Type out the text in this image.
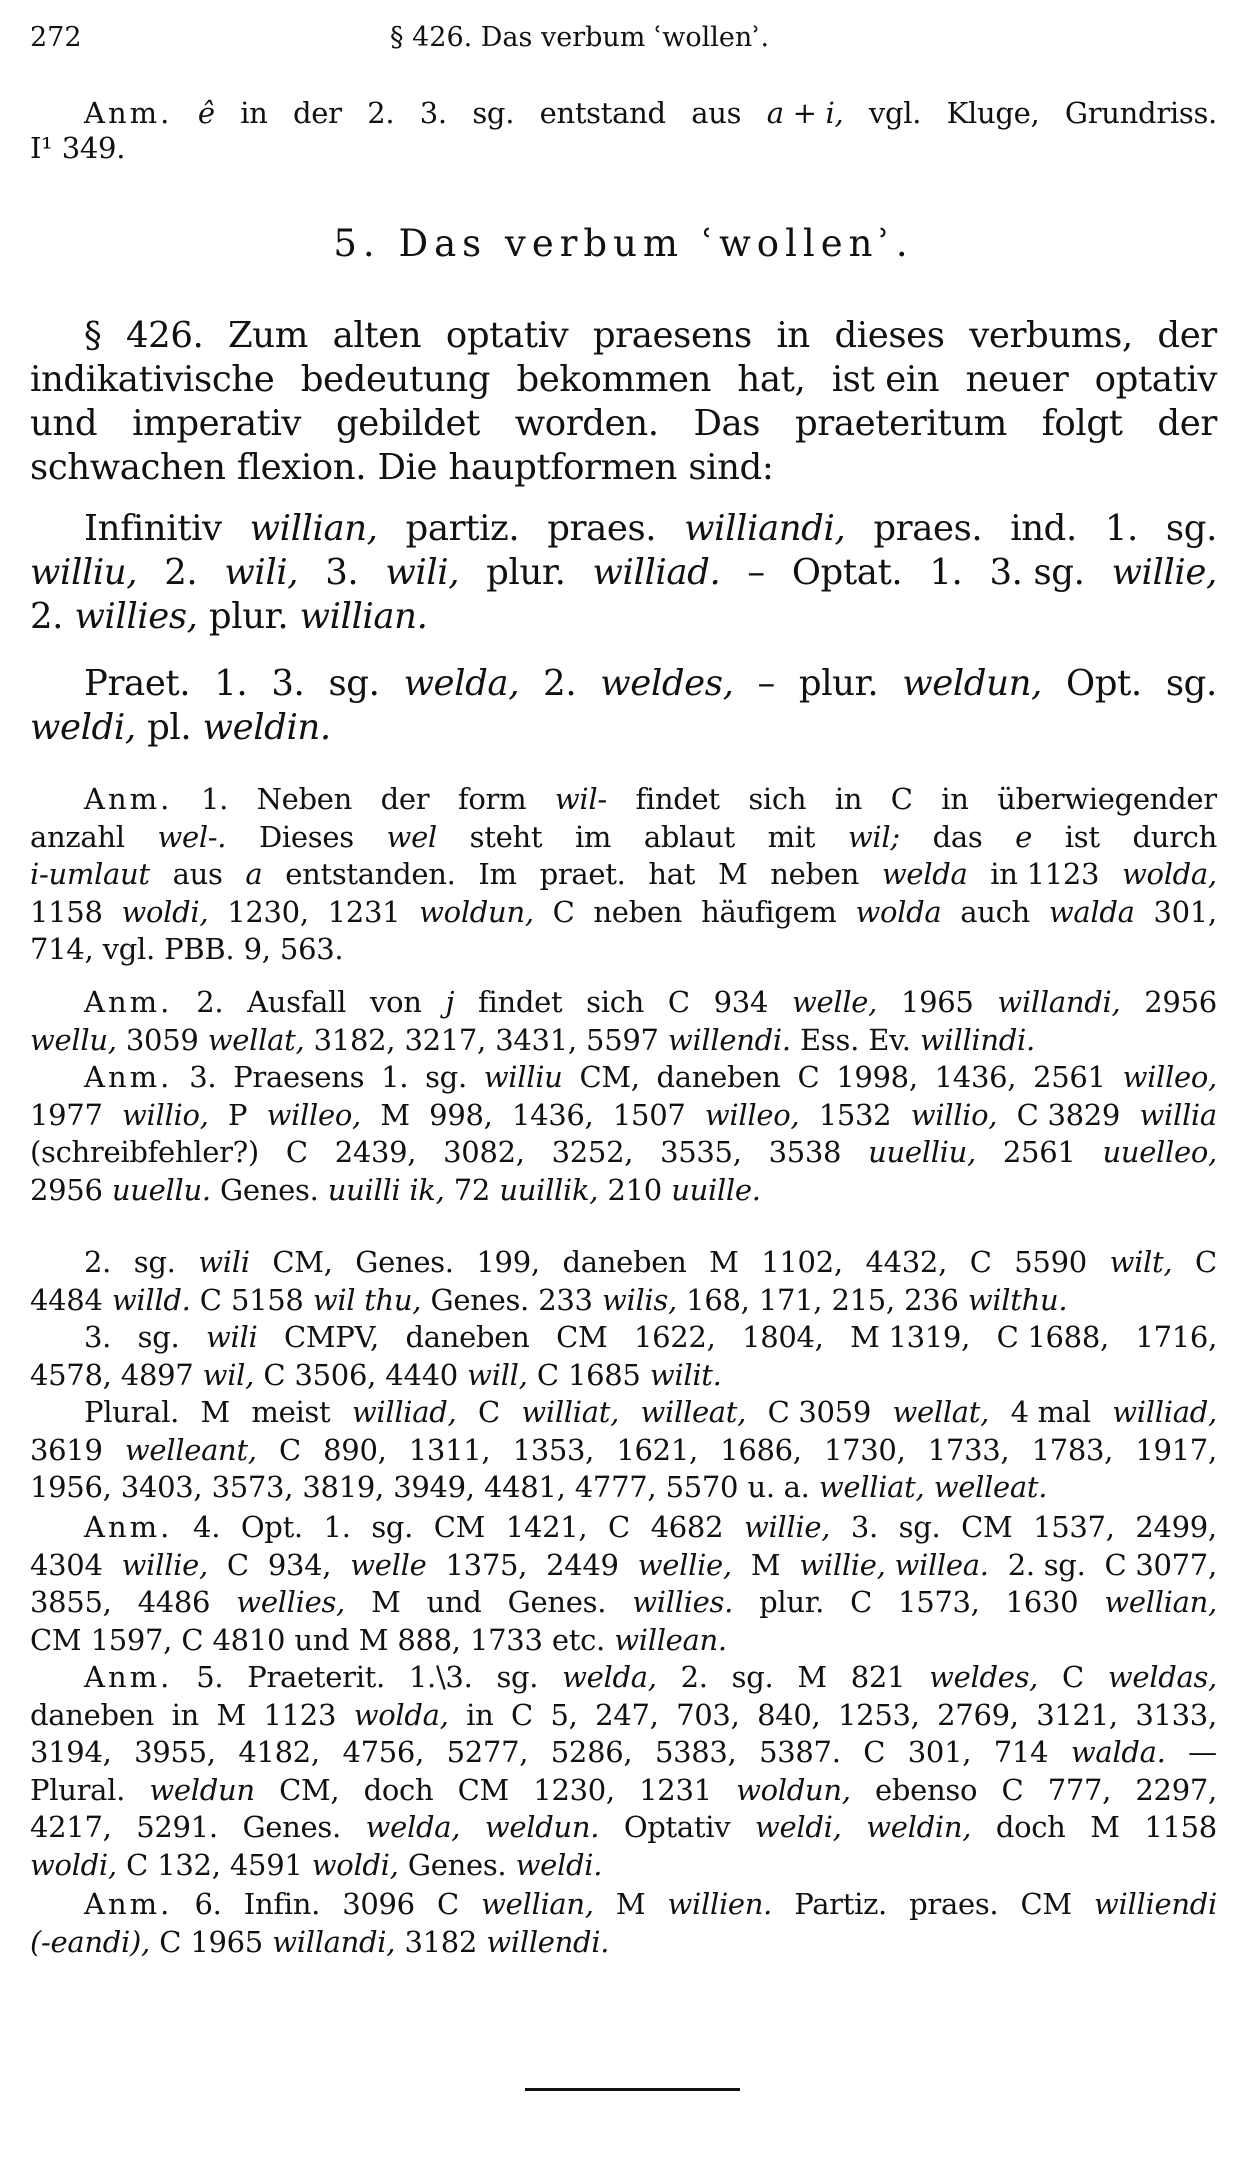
272	§ 426. Das verbum ʿwollenʾ.
Anm. ê in der 2. 3. sg. entstand aus a + i, vgl. Kluge, Grundriss.
I¹ 349.
5. Das verbum ʿwollenʾ.
§ 426. Zum alten optativ praesens in dieses verbums, der
indikativische bedeutung bekommen hat, ist ein neuer optativ
und imperativ gebildet worden. Das praeteritum folgt der
schwachen flexion. Die hauptformen sind:
Infinitiv willian, partiz. praes. williandi, praes. ind. 1. sg.
williu, 2. wili, 3. wili, plur. williad. – Optat. 1. 3. sg. willie,
2. willies, plur. willian.
Praet. 1. 3. sg. welda, 2. weldes, – plur. weldun, Opt. sg.
weldi, pl. weldin.
Anm. 1. Neben der form wil- findet sich in C in überwiegender
anzahl wel-. Dieses wel steht im ablaut mit wil; das e ist durch
i-umlaut aus a entstanden. Im praet. hat M neben welda in 1123 wolda,
1158 woldi, 1230, 1231 woldun, C neben häufigem wolda auch walda 301,
714, vgl. PBB. 9, 563.
Anm. 2. Ausfall von j findet sich C 934 welle, 1965 willandi, 2956
wellu, 3059 wellat, 3182, 3217, 3431, 5597 willendi. Ess. Ev. willindi.
Anm. 3. Praesens 1. sg. williu CM, daneben C 1998, 1436, 2561 willeo,
1977 willio, P willeo, M 998, 1436, 1507 willeo, 1532 willio, C 3829 willia
(schreibfehler?) C 2439, 3082, 3252, 3535, 3538 uuelliu, 2561 uuelleo,
2956 uuellu. Genes. uuilli ik, 72 uuillik, 210 uuille.
2. sg. wili CM, Genes. 199, daneben M 1102, 4432, C 5590 wilt, C
4484 willd. C 5158 wil thu, Genes. 233 wilis, 168, 171, 215, 236 wilthu.
3. sg. wili CMPV, daneben CM 1622, 1804, M 1319, C 1688, 1716,
4578, 4897 wil, C 3506, 4440 will, C 1685 wilit.
Plural. M meist williad, C williat, willeat, C 3059 wellat, 4 mal williad,
3619 welleant, C 890, 1311, 1353, 1621, 1686, 1730, 1733, 1783, 1917,
1956, 3403, 3573, 3819, 3949, 4481, 4777, 5570 u. a. welliat, welleat.
Anm. 4. Opt. 1. sg. CM 1421, C 4682 willie, 3. sg. CM 1537, 2499,
4304 willie, C 934, welle 1375, 2449 wellie, M willie, willea. 2. sg. C 3077,
3855, 4486 wellies, M und Genes. willies. plur. C 1573, 1630 wellian,
CM 1597, C 4810 und M 888, 1733 etc. willean.
Anm. 5. Praeterit. 1.\3. sg. welda, 2. sg. M 821 weldes, C weldas,
daneben in M 1123 wolda, in C 5, 247, 703, 840, 1253, 2769, 3121, 3133,
3194, 3955, 4182, 4756, 5277, 5286, 5383, 5387. C 301, 714 walda. —
Plural. weldun CM, doch CM 1230, 1231 woldun, ebenso C 777, 2297,
4217, 5291. Genes. welda, weldun. Optativ weldi, weldin, doch M 1158
woldi, C 132, 4591 woldi, Genes. weldi.
Anm. 6. Infin. 3096 C wellian, M willien. Partiz. praes. CM williendi
(-eandi), C 1965 willandi, 3182 willendi.
